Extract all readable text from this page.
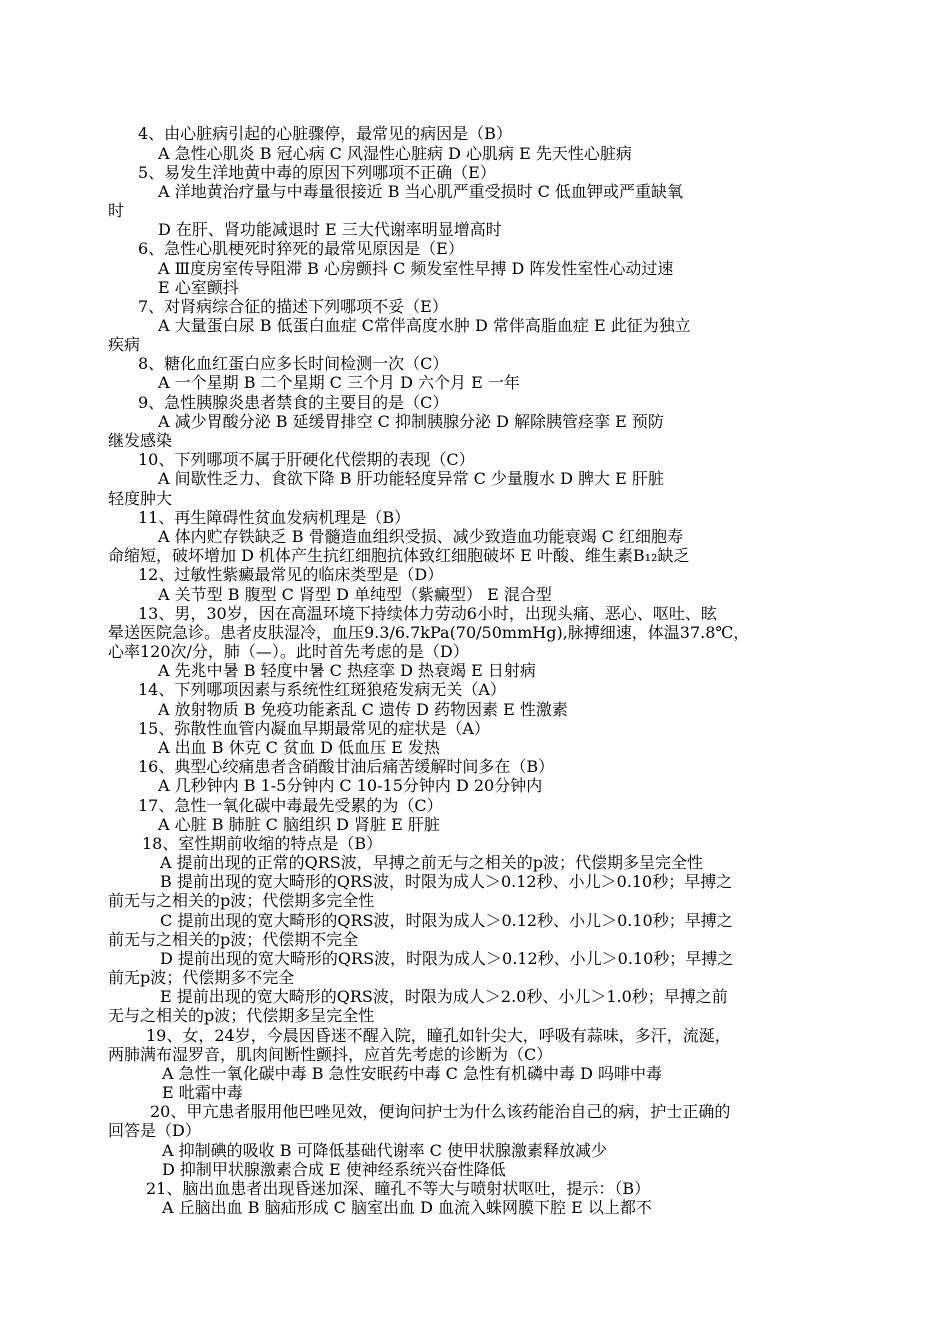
4、由心脏病引起的心脏骤停，最常见的病因是（B）
A 急性心肌炎 B 冠心病 C 风湿性心脏病 D 心肌病 E 先天性心脏病
5、易发生洋地黄中毒的原因下列哪项不正确（E）
A 洋地黄治疗量与中毒量很接近 B 当心肌严重受损时 C 低血钾或严重缺氧
时
D 在肝、肾功能减退时 E 三大代谢率明显增高时
6、急性心肌梗死时猝死的最常见原因是（E）
A Ⅲ度房室传导阻滞 B 心房颤抖 C 频发室性早搏 D 阵发性室性心动过速
E 心室颤抖
7、对肾病综合征的描述下列哪项不妥（E）
A 大量蛋白尿 B 低蛋白血症 C常伴高度水肿 D 常伴高脂血症 E 此征为独立
疾病
8、糖化血红蛋白应多长时间检测一次（C）
A 一个星期 B 二个星期 C 三个月 D 六个月 E 一年
9、急性胰腺炎患者禁食的主要目的是（C）
A 减少胃酸分泌 B 延缓胃排空 C 抑制胰腺分泌 D 解除胰管痉挛 E 预防
继发感染
10、下列哪项不属于肝硬化代偿期的表现（C）
A 间歇性乏力、食欲下降 B 肝功能轻度异常 C 少量腹水 D 脾大 E 肝脏
轻度肿大
11、再生障碍性贫血发病机理是（B）
A 体内贮存铁缺乏 B 骨髓造血组织受损、减少致造血功能衰竭 C 红细胞寿
命缩短，破坏增加 D 机体产生抗红细胞抗体致红细胞破坏 E 叶酸、维生素B₁₂缺乏
12、过敏性紫癜最常见的临床类型是（D）
A 关节型 B 腹型 C 肾型 D 单纯型（紫癜型） E 混合型
13、男，30岁，因在高温环境下持续体力劳动6小时，出现头痛、恶心、呕吐、眩
晕送医院急诊。患者皮肤湿冷，血压9.3/6.7kPa(70/50mmHg),脉搏细速，体温37.8℃，
心率120次/分，肺（—）。此时首先考虑的是（D）
A 先兆中暑 B 轻度中暑 C 热痉挛 D 热衰竭 E 日射病
14、下列哪项因素与系统性红斑狼疮发病无关（A）
A 放射物质 B 免疫功能紊乱 C 遗传 D 药物因素 E 性激素
15、弥散性血管内凝血早期最常见的症状是（A）
A 出血 B 休克 C 贫血 D 低血压 E 发热
16、典型心绞痛患者含硝酸甘油后痛苦缓解时间多在（B）
A 几秒钟内 B 1-5分钟内 C 10-15分钟内 D 20分钟内
17、急性一氧化碳中毒最先受累的为（C）
A 心脏 B 肺脏 C 脑组织 D 肾脏 E 肝脏
18、室性期前收缩的特点是（B）
A 提前出现的正常的QRS波，早搏之前无与之相关的p波；代偿期多呈完全性
B 提前出现的宽大畸形的QRS波，时限为成人＞0.12秒、小儿＞0.10秒；早搏之
前无与之相关的p波；代偿期多完全性
C 提前出现的宽大畸形的QRS波，时限为成人＞0.12秒、小儿＞0.10秒；早搏之
前无与之相关的p波；代偿期不完全
D 提前出现的宽大畸形的QRS波，时限为成人＞0.12秒、小儿＞0.10秒；早搏之
前无p波；代偿期多不完全
E 提前出现的宽大畸形的QRS波，时限为成人＞2.0秒、小儿＞1.0秒；早搏之前
无与之相关的p波；代偿期多呈完全性
19、女，24岁，今晨因昏迷不醒入院，瞳孔如针尖大，呼吸有蒜味，多汗，流涎，
两肺满布湿罗音，肌肉间断性颤抖，应首先考虑的诊断为（C）
A 急性一氧化碳中毒 B 急性安眠药中毒 C 急性有机磷中毒 D 吗啡中毒
E 吡霜中毒
20、甲亢患者服用他巴唑见效，便询问护士为什么该药能治自己的病，护士正确的
回答是（D）
A 抑制碘的吸收 B 可降低基础代谢率 C 使甲状腺激素释放减少
D 抑制甲状腺激素合成 E 使神经系统兴奋性降低
21、脑出血患者出现昏迷加深、瞳孔不等大与喷射状呕吐，提示：（B）
A 丘脑出血 B 脑疝形成 C 脑室出血 D 血流入蛛网膜下腔 E 以上都不
